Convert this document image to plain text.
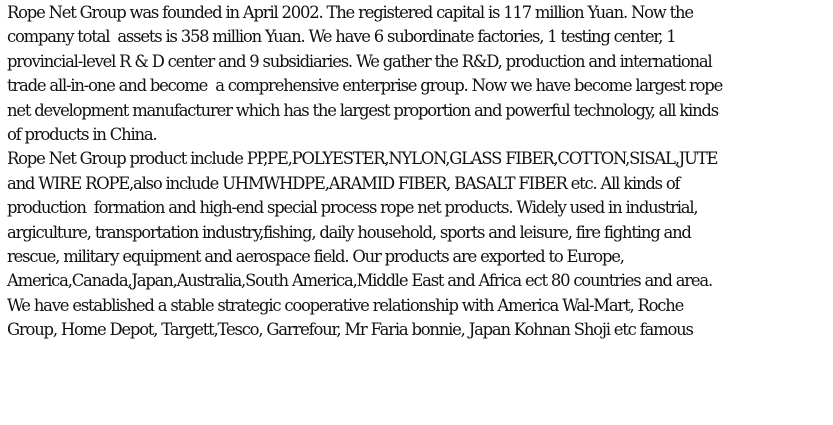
Rope Net Group was founded in April 2002. The registered capital is 117 million Yuan. Now the
company total  assets is 358 million Yuan. We have 6 subordinate factories, 1 testing center, 1
provincial-level R & D center and 9 subsidiaries. We gather the R&D, production and international
trade all-in-one and become  a comprehensive enterprise group. Now we have become largest rope
net development manufacturer which has the largest proportion and powerful technology, all kinds
of products in China.
Rope Net Group product include PP,PE,POLYESTER,NYLON,GLASS FIBER,COTTON,SISAL,JUTE
and WIRE ROPE,also include UHMWHDPE,ARAMID FIBER, BASALT FIBER etc. All kinds of
production  formation and high-end special process rope net products. Widely used in industrial,
argiculture, transportation industry,fishing, daily household, sports and leisure, fire fighting and
rescue, military equipment and aerospace field. Our products are exported to Europe,
America,Canada,Japan,Australia,South America,Middle East and Africa ect 80 countries and area.
We have established a stable strategic cooperative relationship with America Wal-Mart, Roche
Group, Home Depot, Targett,Tesco, Garrefour, Mr Faria bonnie, Japan Kohnan Shoji etc famous
